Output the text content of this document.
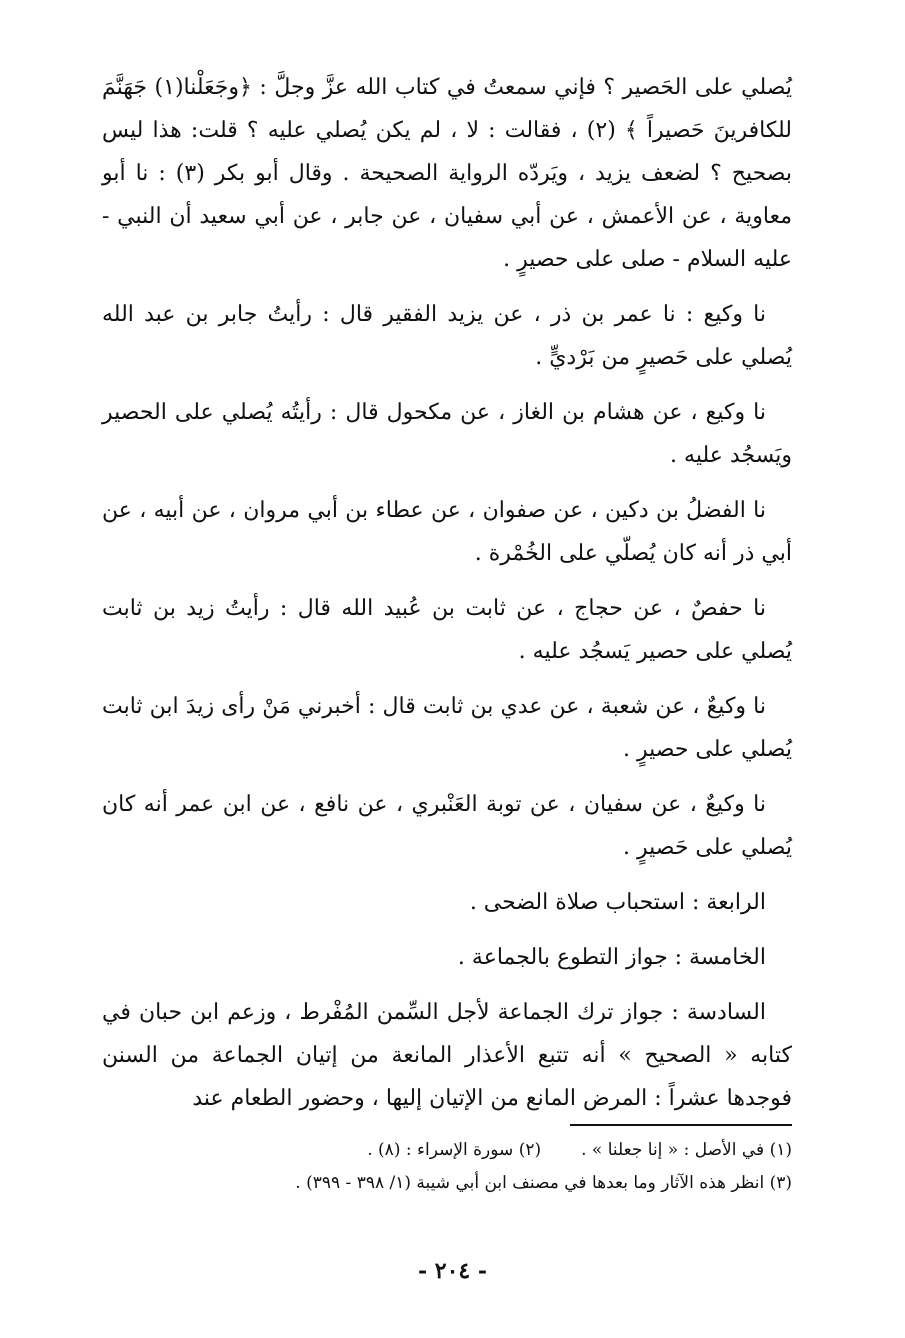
يُصلي على الحَصير ؟ فإني سمعتُ في كتاب الله عزَّ وجلَّ : ﴿وجَعَلْنا(١) جَهَنَّمَ للكافرينَ حَصيراً ﴾ (٢) ، فقالت : لا ، لم يكن يُصلي عليه ؟ قلت: هذا ليس بصحيح ؟ لضعف يزيد ، ويَردّه الرواية الصحيحة . وقال أبو بكر (٣) : نا أبو معاوية ، عن الأعمش ، عن أبي سفيان ، عن جابر ، عن أبي سعيد أن النبي - عليه السلام - صلى على حصيرٍ .

نا وكيع : نا عمر بن ذر ، عن يزيد الفقير قال : رأيتُ جابر بن عبد الله يُصلي على حَصيرٍ من بَرْديٍّ .

نا وكيع ، عن هشام بن الغاز ، عن مكحول قال : رأيتُه يُصلي على الحصير ويَسجُد عليه .

نا الفضلُ بن دكين ، عن صفوان ، عن عطاء بن أبي مروان ، عن أبيه ، عن أبي ذر أنه كان يُصلّي على الخُمْرة .

نا حفصٌ ، عن حجاج ، عن ثابت بن عُبيد الله قال : رأيتُ زيد بن ثابت يُصلي على حصير يَسجُد عليه .

نا وكيعٌ ، عن شعبة ، عن عدي بن ثابت قال : أخبرني مَنْ رأى زيدَ ابن ثابت يُصلي على حصيرٍ .

نا وكيعٌ ، عن سفيان ، عن توبة العَنْبري ، عن نافع ، عن ابن عمر أنه كان يُصلي على حَصيرٍ .

الرابعة : استحباب صلاة الضحى .

الخامسة : جواز التطوع بالجماعة .

السادسة : جواز ترك الجماعة لأجل السِّمن المُفْرط ، وزعم ابن حبان في كتابه « الصحيح » أنه تتبع الأعذار المانعة من إتيان الجماعة من السنن فوجدها عشراً : المرض المانع من الإتيان إليها ، وحضور الطعام عند

(١) في الأصل : « إنا جعلنا » .(٢) سورة الإسراء : (٨) .

(٣) انظر هذه الآثار وما بعدها في مصنف ابن أبي شيبة (١/ ٣٩٨ - ٣٩٩) .

- ٢٠٤ -
